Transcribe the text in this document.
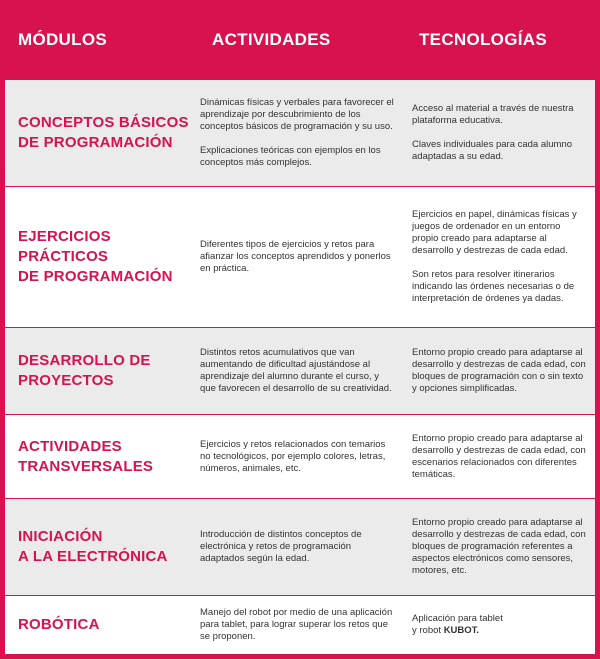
MÓDULOS	ACTIVIDADES	TECNOLOGÍAS
CONCEPTOS BÁSICOS
DE PROGRAMACIÓN

Dinámicas físicas y verbales para favorecer el aprendizaje por descubrimiento de los conceptos básicos de programación y su uso.

Explicaciones teóricas con ejemplos en los conceptos más complejos.

Acceso al material a través de nuestra plataforma educativa.

Claves individuales para cada alumno adaptadas a su edad.

EJERCICIOS PRÁCTICOS
DE PROGRAMACIÓN

Diferentes tipos de ejercicios y retos para afianzar los conceptos aprendidos y ponerlos en práctica.

Ejercicios en papel, dinámicas físicas y juegos de ordenador en un entorno propio creado para adaptarse al desarrollo y destrezas de cada edad.

Son retos para resolver itinerarios indicando las órdenes necesarias o de interpretación de órdenes ya dadas.

DESARROLLO DE
PROYECTOS

Distintos retos acumulativos que van aumentando de dificultad ajustándose al aprendizaje del alumno durante el curso, y que favorecen el desarrollo de su creatividad.

Entorno propio creado para adaptarse al desarrollo y destrezas de cada edad, con bloques de programación con o sin texto y opciones simplificadas.

ACTIVIDADES
TRANSVERSALES

Ejercicios y retos relacionados con temarios no tecnológicos, por ejemplo colores, letras, números, animales, etc.

Entorno propio creado para adaptarse al desarrollo y destrezas de cada edad, con escenarios relacionados con diferentes temáticas.

INICIACIÓN
A LA ELECTRÓNICA

Introducción de distintos conceptos de electrónica y retos de programación adaptados según la edad.

Entorno propio creado para adaptarse al desarrollo y destrezas de cada edad, con bloques de programación referentes a aspectos electrónicos como sensores, motores, etc.

ROBÓTICA

Manejo del robot por medio de una aplicación para tablet, para lograr superar los retos que se proponen.

Aplicación para tablet
y robot KUBOT.
